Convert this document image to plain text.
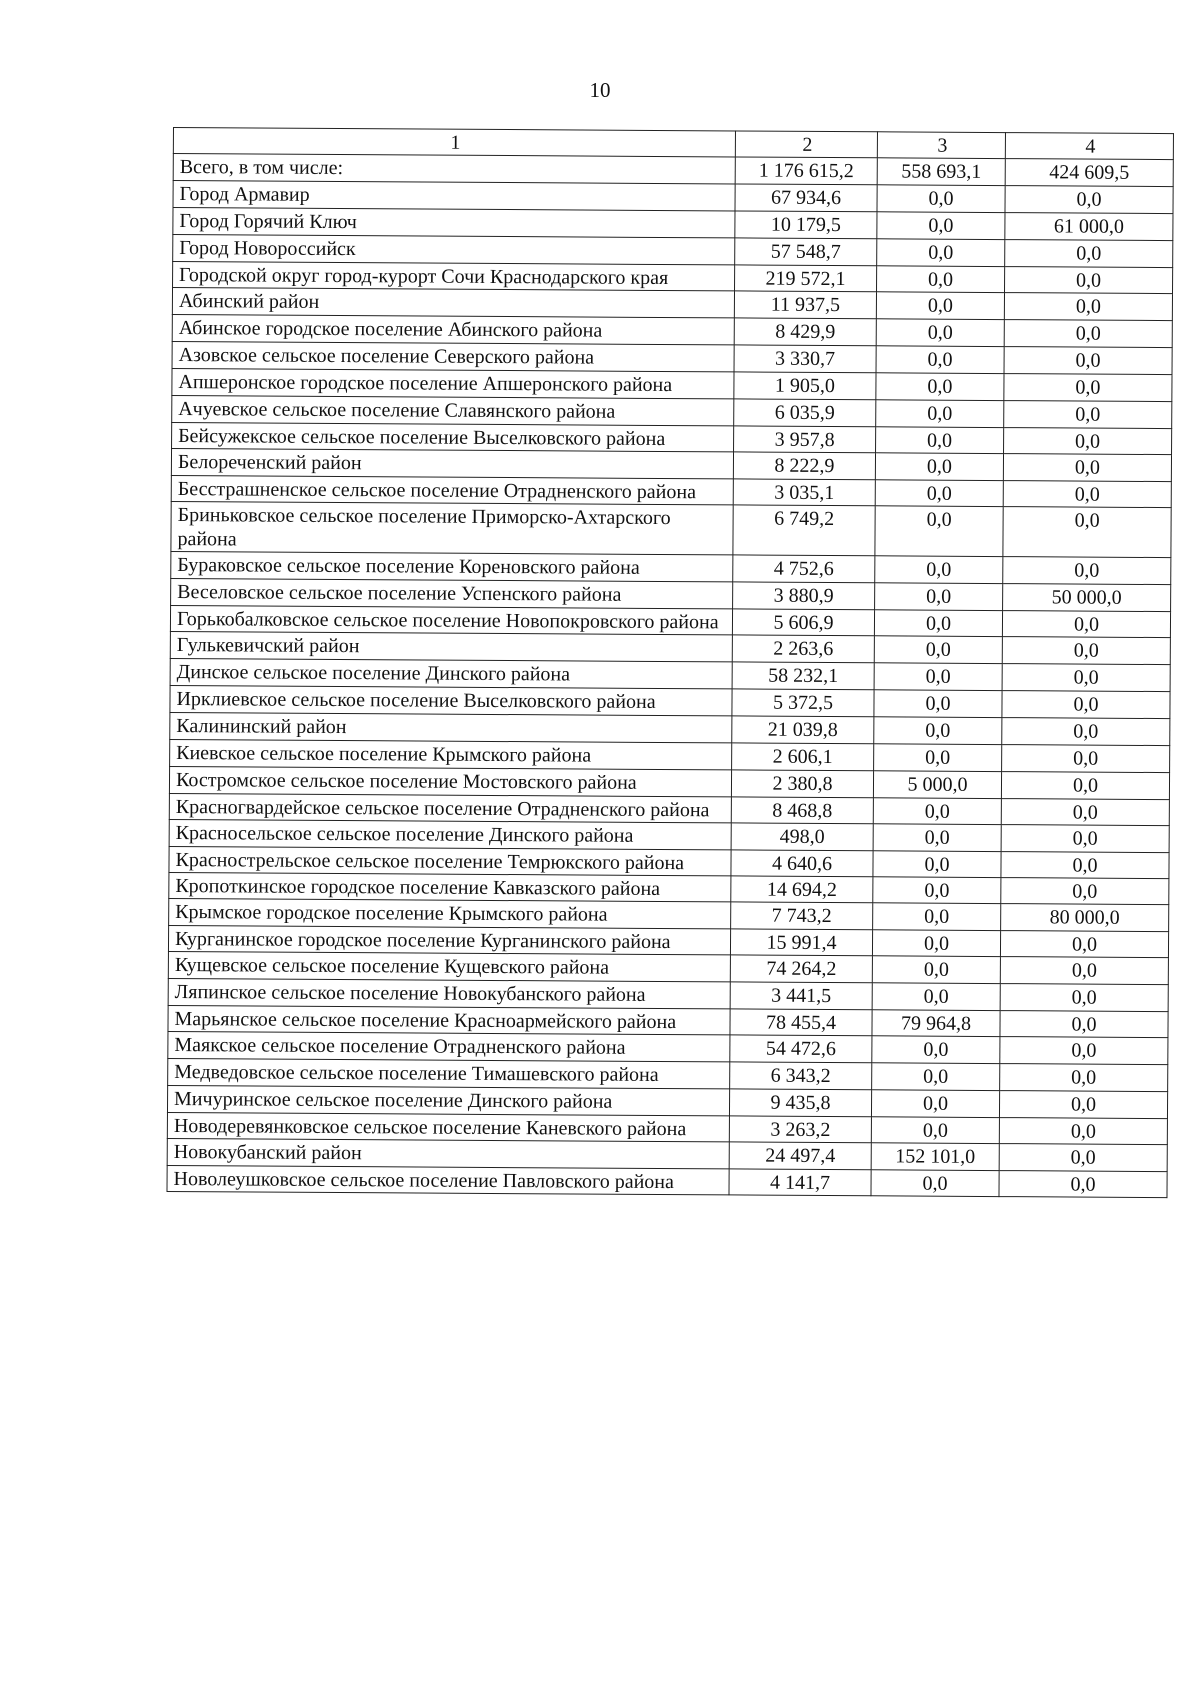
10
1	2	3	4
Всего, в том числе:	1 176 615,2	558 693,1	424 609,5
Город Армавир	67 934,6	0,0	0,0
Город Горячий Ключ	10 179,5	0,0	61 000,0
Город Новороссийск	57 548,7	0,0	0,0
Городской округ город-курорт Сочи Краснодарского края	219 572,1	0,0	0,0
Абинский район	11 937,5	0,0	0,0
Абинское городское поселение Абинского района	8 429,9	0,0	0,0
Азовское сельское поселение Северского района	3 330,7	0,0	0,0
Апшеронское городское поселение Апшеронского района	1 905,0	0,0	0,0
Ачуевское сельское поселение Славянского района	6 035,9	0,0	0,0
Бейсужекское сельское поселение Выселковского района	3 957,8	0,0	0,0
Белореченский район	8 222,9	0,0	0,0
Бесстрашненское сельское поселение Отрадненского района	3 035,1	0,0	0,0
Бриньковское сельское поселение Приморско-Ахтарского района	6 749,2	0,0	0,0
Бураковское сельское поселение Кореновского района	4 752,6	0,0	0,0
Веселовское сельское поселение Успенского района	3 880,9	0,0	50 000,0
Горькобалковское сельское поселение Новопокровского района	5 606,9	0,0	0,0
Гулькевичский район	2 263,6	0,0	0,0
Динское сельское поселение Динского района	58 232,1	0,0	0,0
Ирклиевское сельское поселение Выселковского района	5 372,5	0,0	0,0
Калининский район	21 039,8	0,0	0,0
Киевское сельское поселение Крымского района	2 606,1	0,0	0,0
Костромское сельское поселение Мостовского района	2 380,8	5 000,0	0,0
Красногвардейское сельское поселение Отрадненского района	8 468,8	0,0	0,0
Красносельское сельское поселение Динского района	498,0	0,0	0,0
Краснострельское сельское поселение Темрюкского района	4 640,6	0,0	0,0
Кропоткинское городское поселение Кавказского района	14 694,2	0,0	0,0
Крымское городское поселение Крымского района	7 743,2	0,0	80 000,0
Курганинское городское поселение Курганинского района	15 991,4	0,0	0,0
Кущевское сельское поселение Кущевского района	74 264,2	0,0	0,0
Ляпинское сельское поселение Новокубанского района	3 441,5	0,0	0,0
Марьянское сельское поселение Красноармейского района	78 455,4	79 964,8	0,0
Маякское сельское поселение Отрадненского района	54 472,6	0,0	0,0
Медведовское сельское поселение Тимашевского района	6 343,2	0,0	0,0
Мичуринское сельское поселение Динского района	9 435,8	0,0	0,0
Новодеревянковское сельское поселение Каневского района	3 263,2	0,0	0,0
Новокубанский район	24 497,4	152 101,0	0,0
Новолеушковское сельское поселение Павловского района	4 141,7	0,0	0,0
